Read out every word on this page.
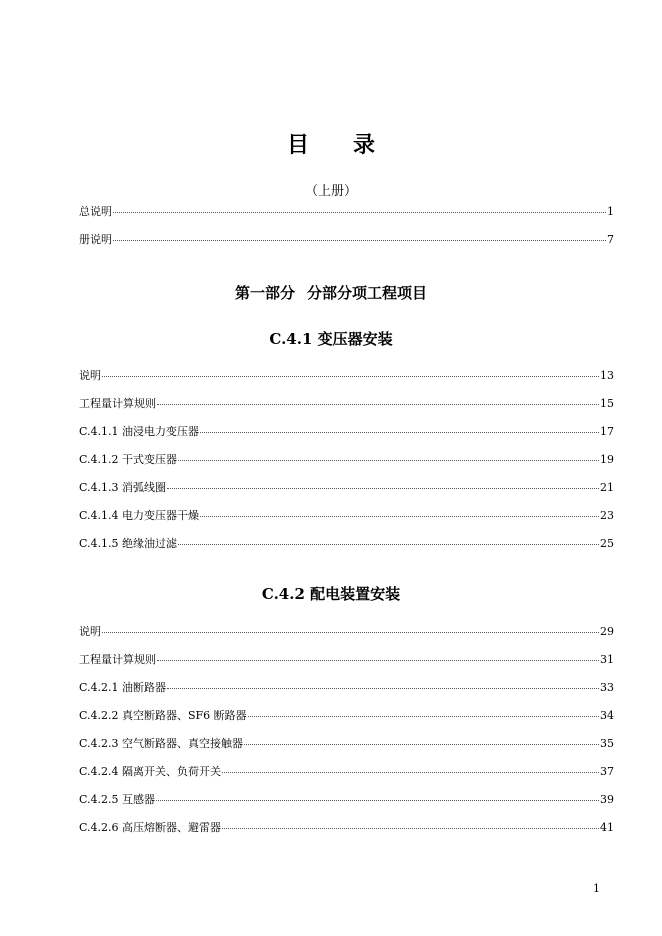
目 录
（上册）
总说明	1
册说明	7
第一部分 分部分项工程项目
C.4.1 变压器安装
说明	13
工程量计算规则	15
C.4.1.1 油浸电力变压器	17
C.4.1.2 干式变压器	19
C.4.1.3 消弧线圈	21
C.4.1.4 电力变压器干燥	23
C.4.1.5 绝缘油过滤	25
C.4.2 配电装置安装
说明	29
工程量计算规则	31
C.4.2.1 油断路器	33
C.4.2.2 真空断路器、SF6 断路器	34
C.4.2.3 空气断路器、真空接触器	35
C.4.2.4 隔离开关、负荷开关	37
C.4.2.5 互感器	39
C.4.2.6 高压熔断器、避雷器	41
1
